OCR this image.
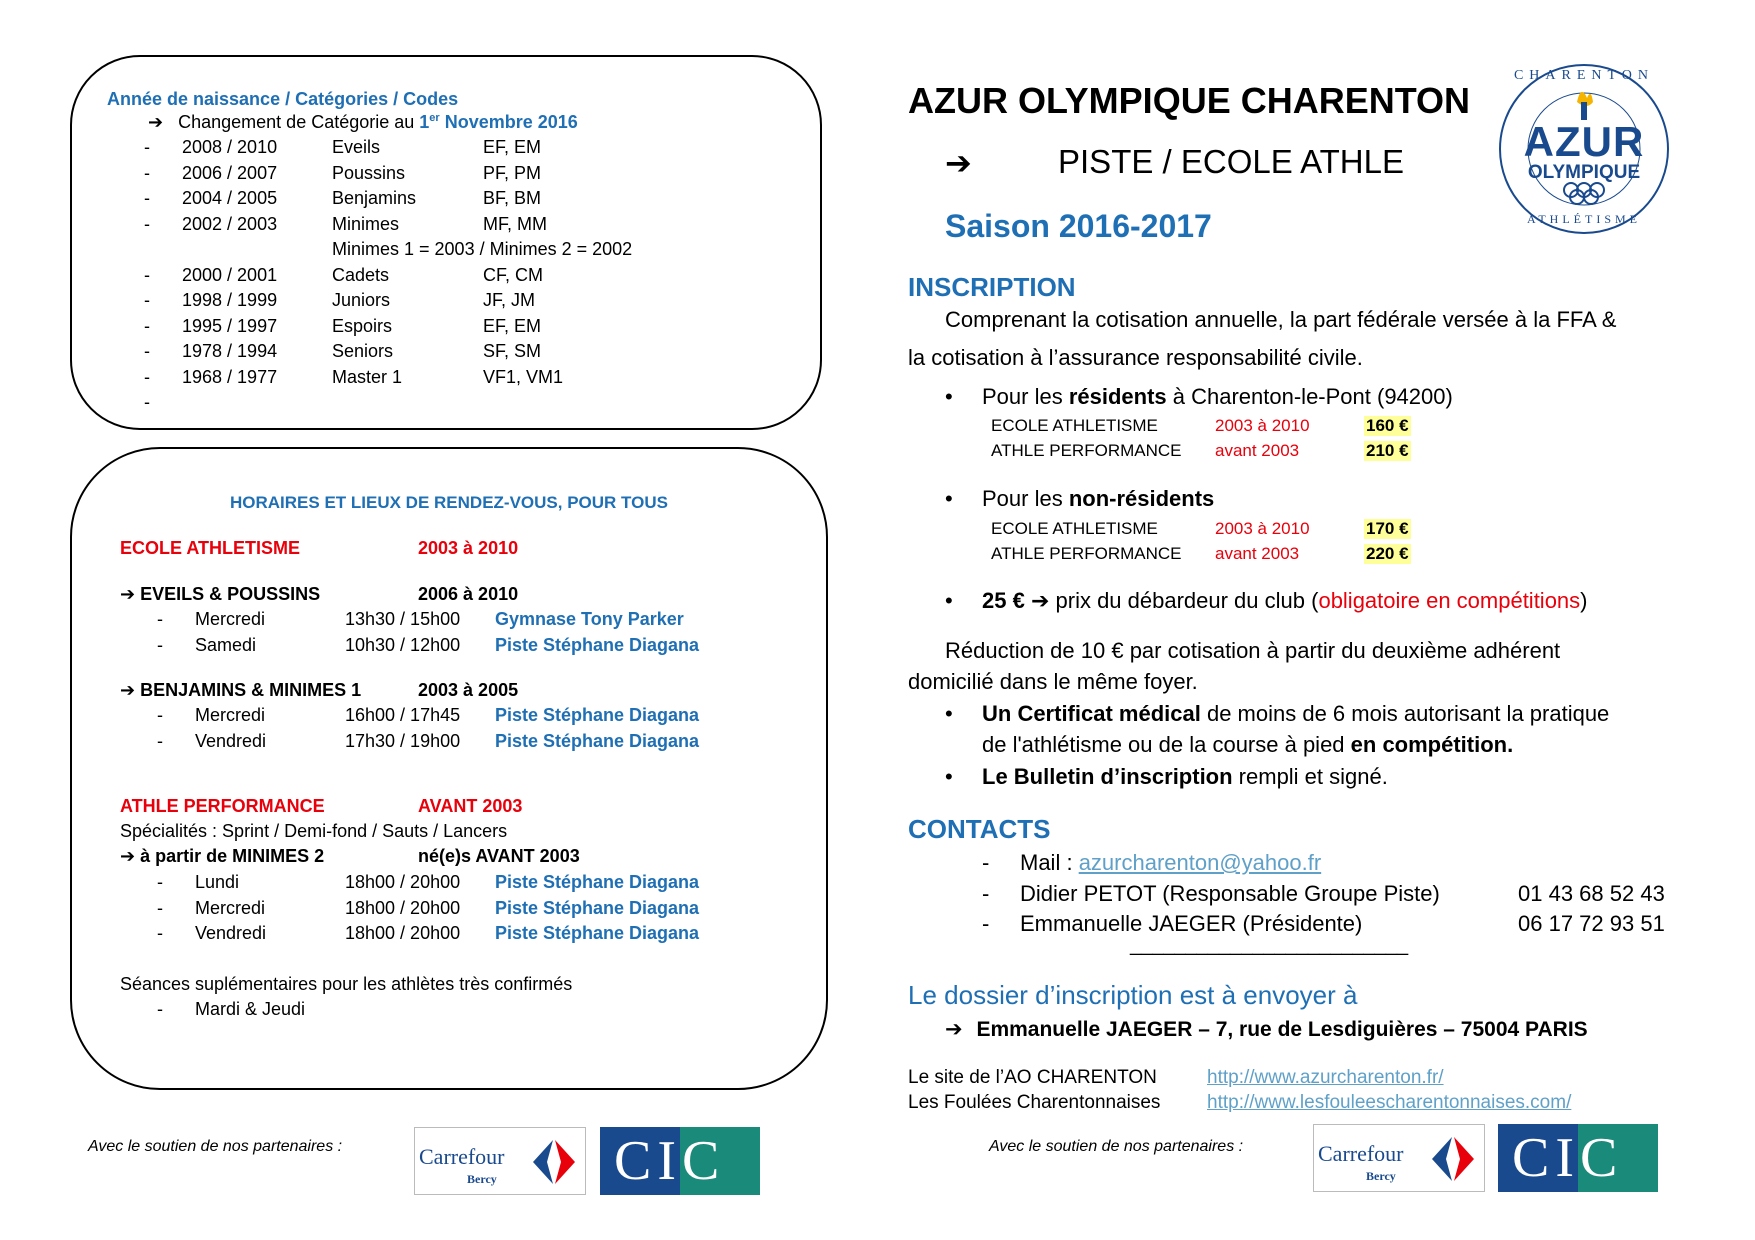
Année de naissance / Catégories / Codes
➔ Changement de Catégorie au 1er Novembre 2016
- 2008 / 2010	Eveils	EF, EM
- 2006 / 2007	Poussins	PF, PM
- 2004 / 2005	Benjamins	BF, BM
- 2002 / 2003	Minimes	MF, MM
Minimes 1 = 2003 / Minimes 2 = 2002
- 2000 / 2001	Cadets	CF, CM
- 1998 / 1999	Juniors	JF, JM
- 1995 / 1997	Espoirs	EF, EM
- 1978 / 1994	Seniors	SF, SM
- 1968 / 1977	Master 1	VF1, VM1
-
HORAIRES ET LIEUX DE RENDEZ-VOUS, POUR TOUS
ECOLE ATHLETISME	2003 à 2010
➔ EVEILS & POUSSINS	2006 à 2010
- Mercredi	13h30 / 15h00 Gymnase Tony Parker
- Samedi	10h30 / 12h00 Piste Stéphane Diagana
➔ BENJAMINS & MINIMES 1	2003 à 2005
- Mercredi	16h00 / 17h45 Piste Stéphane Diagana
- Vendredi	17h30 / 19h00 Piste Stéphane Diagana
ATHLE PERFORMANCE	AVANT 2003
Spécialités : Sprint / Demi-fond / Sauts / Lancers
➔ à partir de MINIMES 2	né(e)s AVANT 2003
- Lundi	18h00 / 20h00 Piste Stéphane Diagana
- Mercredi	18h00 / 20h00 Piste Stéphane Diagana
- Vendredi	18h00 / 20h00 Piste Stéphane Diagana
Séances suplémentaires pour les athlètes très confirmés
- Mardi & Jeudi
Avec le soutien de nos partenaires :	Carrefour
Bercy CIC
AZUR OLYMPIQUE CHARENTON
➔	PISTE / ECOLE ATHLE
Saison 2016-2017
CHARENTON
AZUR
OLYMPIQUE
ATHLÉTISME
INSCRIPTION
Comprenant la cotisation annuelle, la part fédérale versée à la FFA &
la cotisation à l’assurance responsabilité civile.
• Pour les résidents à Charenton-le-Pont (94200)
ECOLE ATHLETISME	2003 à 2010	160 €
ATHLE PERFORMANCE avant 2003	210 €
• Pour les non-résidents
ECOLE ATHLETISME	2003 à 2010	170 €
ATHLE PERFORMANCE avant 2003	220 €
• 25 € ➔ prix du débardeur du club (obligatoire en compétitions)
Réduction de 10 € par cotisation à partir du deuxième adhérent
domicilié dans le même foyer.
• Un Certificat médical de moins de 6 mois autorisant la pratique
de l'athlétisme ou de la course à pied en compétition.
• Le Bulletin d’inscription rempli et signé.
CONTACTS
- Mail : azurcharenton@yahoo.fr
- Didier PETOT (Responsable Groupe Piste)	01 43 68 52 43
- Emmanuelle JAEGER (Présidente)	06 17 72 93 51
_________________________
Le dossier d’inscription est à envoyer à
➔ Emmanuelle JAEGER – 7, rue de Lesdiguières – 75004 PARIS
Le site de l’AO CHARENTON	http://www.azurcharenton.fr/
Les Foulées Charentonnaises http://www.lesfouleescharentonnaises.com/
Avec le soutien de nos partenaires :	Carrefour
Bercy CIC
